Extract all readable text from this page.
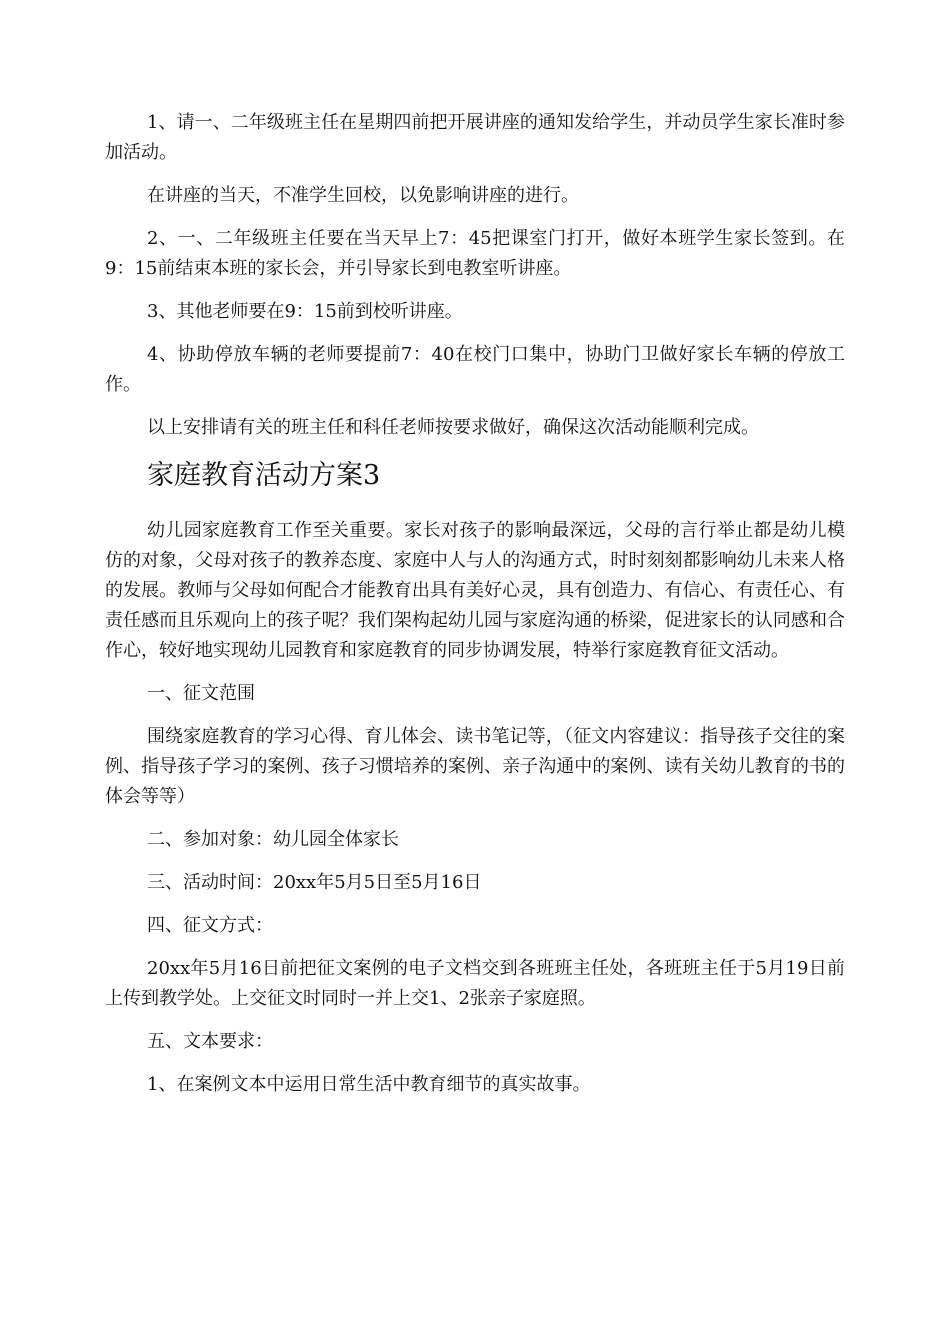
1、请一、二年级班主任在星期四前把开展讲座的通知发给学生，并动员学生家长准时参加活动。

在讲座的当天，不准学生回校，以免影响讲座的进行。

2、一、二年级班主任要在当天早上7：45把课室门打开，做好本班学生家长签到。在9：15前结束本班的家长会，并引导家长到电教室听讲座。

3、其他老师要在9：15前到校听讲座。

4、协助停放车辆的老师要提前7：40在校门口集中，协助门卫做好家长车辆的停放工作。

以上安排请有关的班主任和科任老师按要求做好，确保这次活动能顺利完成。

家庭教育活动方案3

幼儿园家庭教育工作至关重要。家长对孩子的影响最深远，父母的言行举止都是幼儿模仿的对象，父母对孩子的教养态度、家庭中人与人的沟通方式，时时刻刻都影响幼儿未来人格的发展。教师与父母如何配合才能教育出具有美好心灵，具有创造力、有信心、有责任心、有责任感而且乐观向上的孩子呢？我们架构起幼儿园与家庭沟通的桥梁，促进家长的认同感和合作心，较好地实现幼儿园教育和家庭教育的同步协调发展，特举行家庭教育征文活动。

一、征文范围

围绕家庭教育的学习心得、育儿体会、读书笔记等，（征文内容建议：指导孩子交往的案例、指导孩子学习的案例、孩子习惯培养的案例、亲子沟通中的案例、读有关幼儿教育的书的体会等等）

二、参加对象：幼儿园全体家长

三、活动时间：20xx年5月5日至5月16日

四、征文方式：

20xx年5月16日前把征文案例的电子文档交到各班班主任处，各班班主任于5月19日前上传到教学处。上交征文时同时一并上交1、2张亲子家庭照。

五、文本要求：

1、在案例文本中运用日常生活中教育细节的真实故事。
